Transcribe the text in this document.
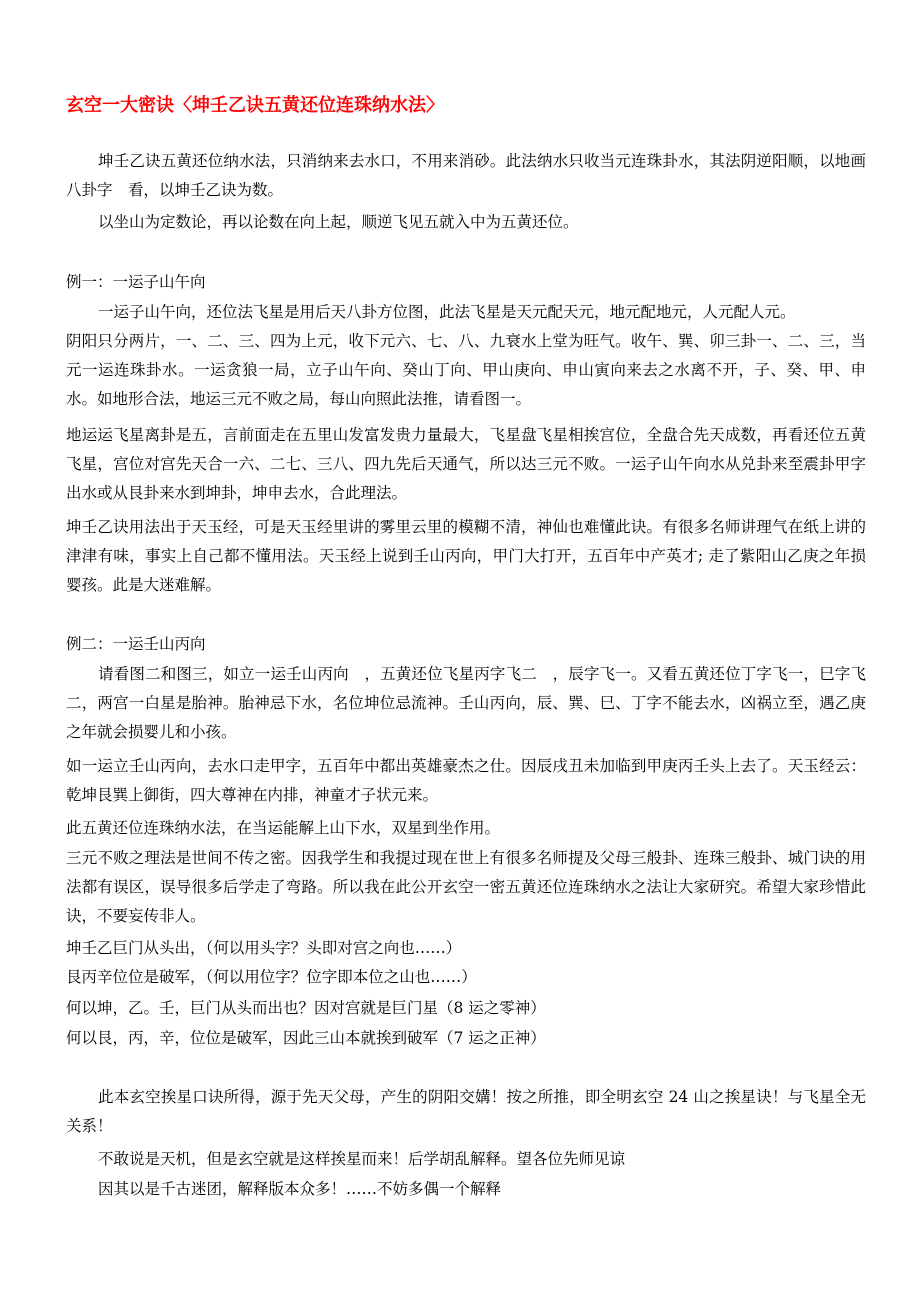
玄空一大密诀〈坤壬乙诀五黄还位连珠纳水法〉

坤壬乙诀五黄还位纳水法，只消纳来去水口，不用来消砂。此法纳水只收当元连珠卦水，其法阴逆阳顺，以地画八卦字　看，以坤壬乙诀为数。

以坐山为定数论，再以论数在向上起，顺逆飞见五就入中为五黄还位。

例一：一运子山午向

一运子山午向，还位法飞星是用后天八卦方位图，此法飞星是天元配天元，地元配地元，人元配人元。

阴阳只分两片，一、二、三、四为上元，收下元六、七、八、九衰水上堂为旺气。收午、巽、卯三卦一、二、三，当元一运连珠卦水。一运贪狼一局，立子山午向、癸山丁向、甲山庚向、申山寅向来去之水离不开，子、癸、甲、申水。如地形合法，地运三元不败之局，每山向照此法推，请看图一。

地运运飞星离卦是五，言前面走在五里山发富发贵力量最大，飞星盘飞星相挨宫位，全盘合先天成数，再看还位五黄飞星，宫位对宫先天合一六、二七、三八、四九先后天通气，所以达三元不败。一运子山午向水从兑卦来至震卦甲字出水或从艮卦来水到坤卦，坤申去水，合此理法。

坤壬乙诀用法出于天玉经，可是天玉经里讲的雾里云里的模糊不清，神仙也难懂此诀。有很多名师讲理气在纸上讲的津津有味，事实上自己都不懂用法。天玉经上说到壬山丙向，甲门大打开，五百年中产英才; 走了紫阳山乙庚之年损婴孩。此是大迷难解。

例二：一运壬山丙向

请看图二和图三，如立一运壬山丙向　，五黄还位飞星丙字飞二　，辰字飞一。又看五黄还位丁字飞一，巳字飞二，两宫一白星是胎神。胎神忌下水，名位坤位忌流神。壬山丙向，辰、巽、巳、丁字不能去水，凶祸立至，遇乙庚之年就会损婴儿和小孩。

如一运立壬山丙向，去水口走甲字，五百年中都出英雄豪杰之仕。因辰戌丑未加临到甲庚丙壬头上去了。天玉经云：乾坤艮巽上御街，四大尊神在内排，神童才子状元来。

此五黄还位连珠纳水法，在当运能解上山下水，双星到坐作用。

三元不败之理法是世间不传之密。因我学生和我提过现在世上有很多名师提及父母三般卦、连珠三般卦、城门诀的用法都有误区，误导很多后学走了弯路。所以我在此公开玄空一密五黄还位连珠纳水之法让大家研究。希望大家珍惜此诀，不要妄传非人。

坤壬乙巨门从头出，（何以用头字？头即对宫之向也……）

艮丙辛位位是破军，（何以用位字？位字即本位之山也……）

何以坤，乙。壬，巨门从头而出也？因对宫就是巨门星（8 运之零神）

何以艮，丙，辛，位位是破军，因此三山本就挨到破军（7 运之正神）

此本玄空挨星口诀所得，源于先天父母，产生的阴阳交媾！按之所推，即全明玄空 24 山之挨星诀！与飞星全无关系！

不敢说是天机，但是玄空就是这样挨星而来！后学胡乱解释。望各位先师见谅

因其以是千古迷团，解释版本众多！……不妨多偶一个解释
